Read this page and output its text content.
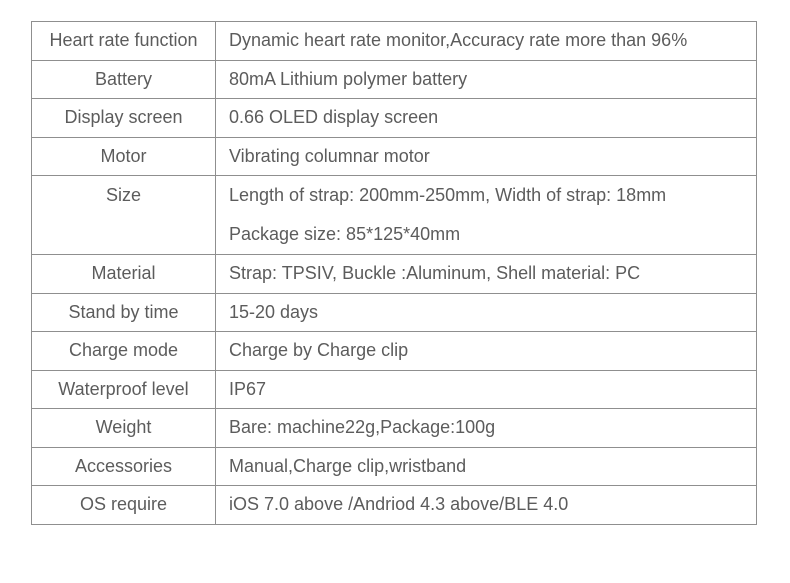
Heart rate function	Dynamic heart rate monitor,Accuracy rate more than 96%
Battery	80mA Lithium polymer battery
Display screen	0.66 OLED display screen
Motor	Vibrating columnar motor
Size	Length of strap: 200mm-250mm, Width of strap: 18mm
Package size: 85*125*40mm

Material	Strap: TPSIV, Buckle :Aluminum, Shell material: PC
Stand by time	15-20 days
Charge mode	Charge by Charge clip
Waterproof level	IP67
Weight	Bare: machine22g,Package:100g
Accessories	Manual,Charge clip,wristband
OS require	iOS 7.0 above /Andriod 4.3 above/BLE 4.0
